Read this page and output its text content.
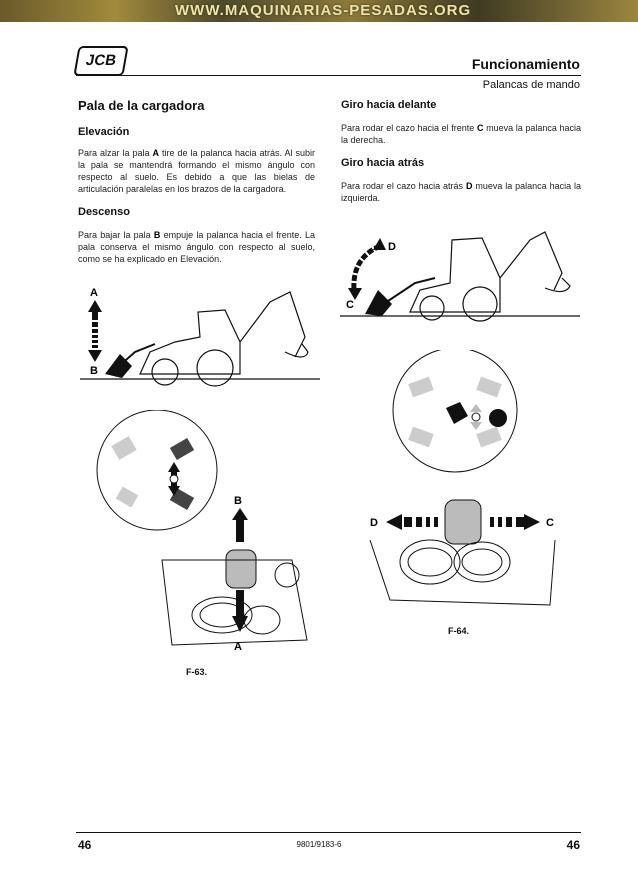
WWW.MAQUINARIAS-PESADAS.ORG
JCB	Funcionamiento
Palancas de mando
Pala de la cargadora
Elevación
Para alzar la pala A tire de la palanca hacia atrás. Al subir la pala se mantendrá formando el mismo ángulo con respecto al suelo. Es debido a que las bielas de articulación paralelas en los brazos de la cargadora.
Descenso
Para bajar la pala B empuje la palanca hacia el frente. La pala conserva el mismo ángulo con respecto al suelo, como se ha explicado en Elevación.
Giro hacia delante
Para rodar el cazo hacia el frente C mueva la palanca hacia la derecha.
Giro hacia atrás
Para rodar el cazo hacia atrás D mueva la palanca hacia la izquierda.
A
B
D
C
B
A
F-63.
D	C
F-64.
46	9801/9183-6	46
